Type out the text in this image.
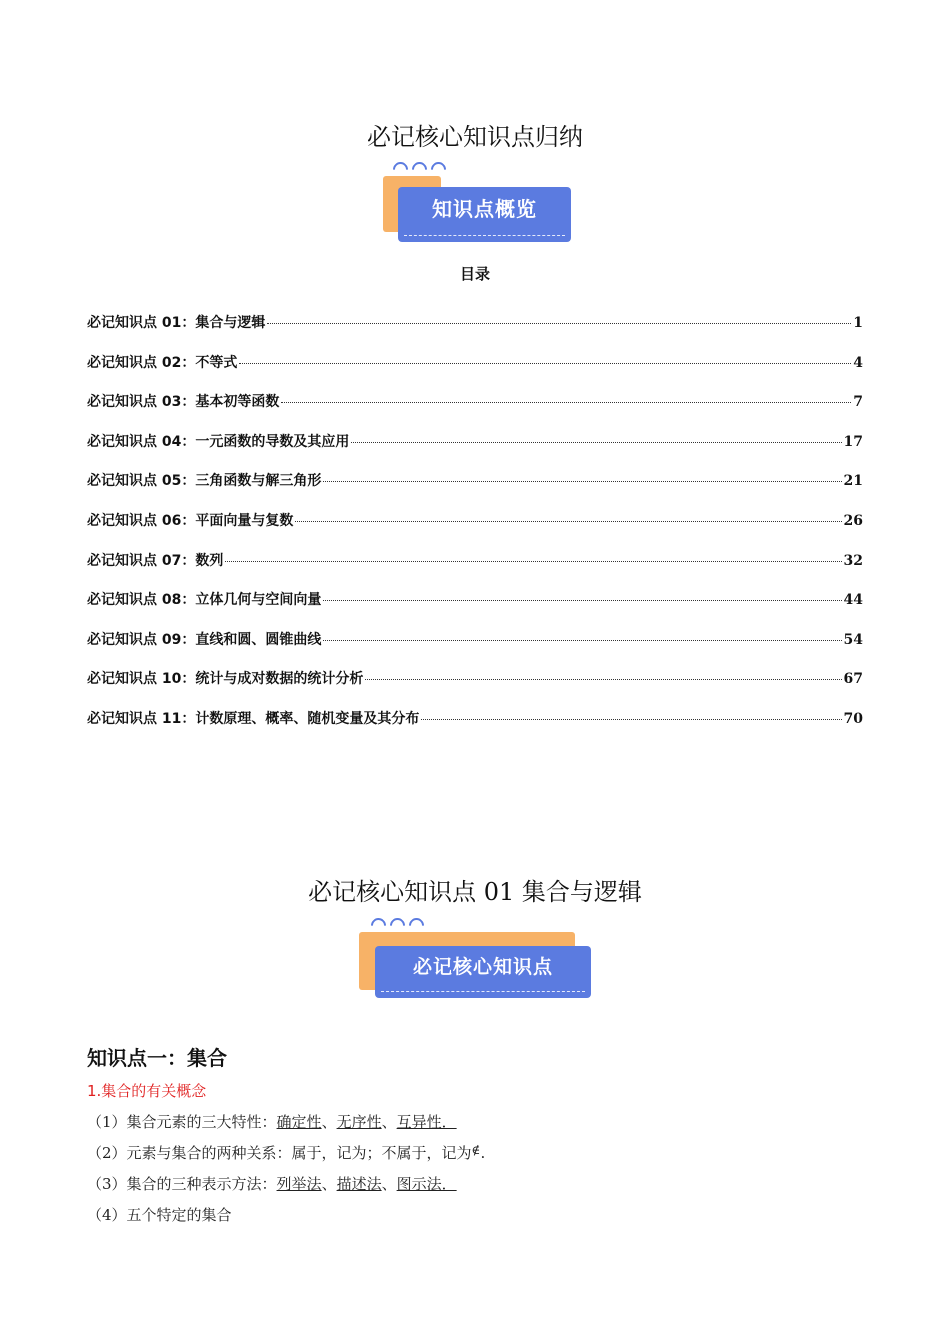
必记核心知识点归纳
知识点概览
目录
必记知识点 01：集合与逻辑	1
必记知识点 02：不等式	4
必记知识点 03：基本初等函数	7
必记知识点 04：一元函数的导数及其应用	17
必记知识点 05：三角函数与解三角形	21
必记知识点 06：平面向量与复数	26
必记知识点 07：数列	32
必记知识点 08：立体几何与空间向量	44
必记知识点 09：直线和圆、圆锥曲线	54
必记知识点 10：统计与成对数据的统计分析	67
必记知识点 11：计数原理、概率、随机变量及其分布	70
必记核心知识点 01 集合与逻辑
必记核心知识点
知识点一：集合
1.集合的有关概念
（1）集合元素的三大特性：确定性、无序性、互异性．
（2）元素与集合的两种关系：属于，记为；不属于，记为∉.
（3）集合的三种表示方法：列举法、描述法、图示法．
（4）五个特定的集合
